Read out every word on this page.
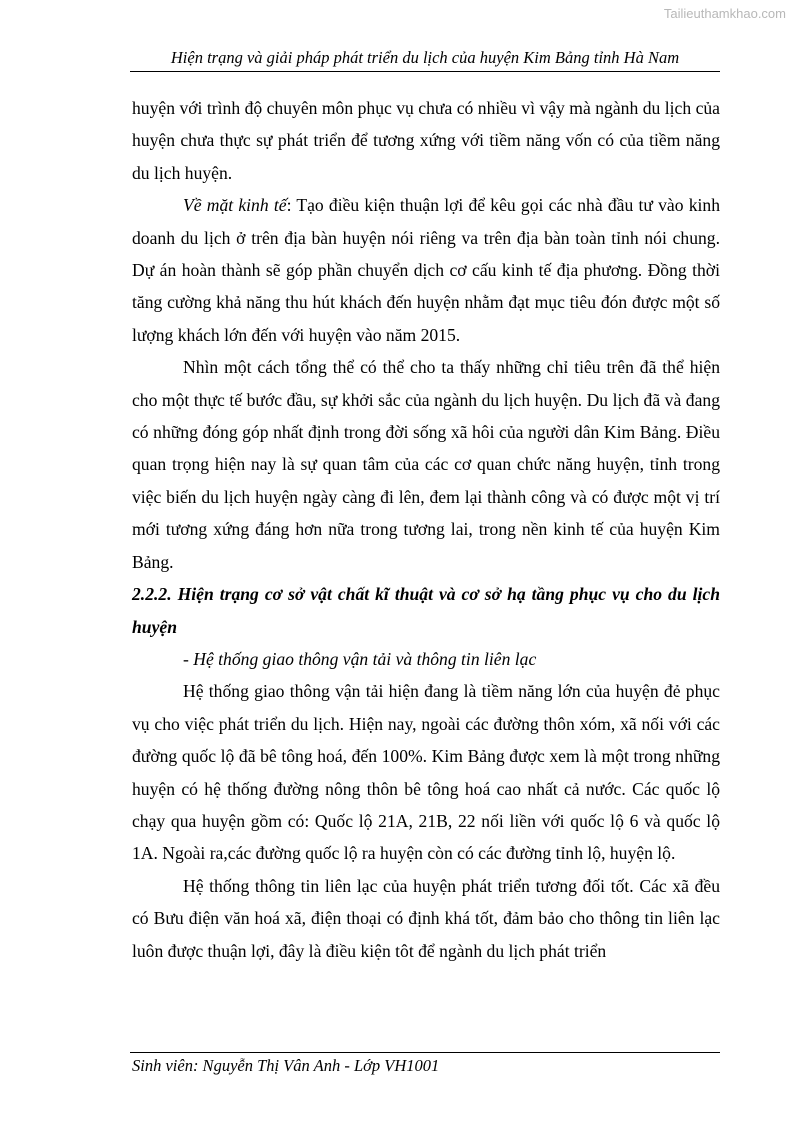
Tailieuthamkhao.com
Hiện trạng và giải pháp phát triển du lịch của huyện Kim Bảng tỉnh Hà Nam

huyện với trình độ chuyên môn phục vụ chưa có nhiều vì vậy mà ngành du lịch của huyện chưa thực sự phát triển để tương xứng với tiềm năng vốn có của tiềm năng du lịch huyện.

Về mặt kinh tế: Tạo điều kiện thuận lợi để kêu gọi các nhà đầu tư vào kinh doanh du lịch ở trên địa bàn huyện nói riêng va trên địa bàn toàn tỉnh nói chung. Dự án hoàn thành sẽ góp phần chuyển dịch cơ cấu kinh tế địa phương. Đồng thời tăng cường khả năng thu hút khách đến huyện nhằm đạt mục tiêu đón được một số lượng khách lớn đến với huyện vào năm 2015.

Nhìn một cách tổng thể có thể cho ta thấy những chỉ tiêu trên đã thể hiện cho một thực tế bước đầu, sự khởi sắc của ngành du lịch huyện. Du lịch đã và đang có những đóng góp nhất định trong đời sống xã hôi của người dân Kim Bảng. Điều quan trọng hiện nay là sự quan tâm của các cơ quan chức năng huyện, tỉnh trong việc biến du lịch huyện ngày càng đi lên, đem lại thành công và có được một vị trí mới tương xứng đáng hơn nữa trong tương lai, trong nền kinh tế của huyện Kim Bảng.

2.2.2. Hiện trạng cơ sở vật chất kĩ thuật và cơ sở hạ tầng phục vụ cho du lịch huyện

- Hệ thống giao thông vận tải và thông tin liên lạc

Hệ thống giao thông vận tải hiện đang là tiềm năng lớn của huyện đẻ phục vụ cho việc phát triển du lịch. Hiện nay, ngoài các đường thôn xóm, xã nối với các đường quốc lộ đã bê tông hoá, đến 100%. Kim Bảng được xem là một trong những huyện có hệ thống đường nông thôn bê tông hoá cao nhất cả nước. Các quốc lộ chạy qua huyện gồm có: Quốc lộ 21A, 21B, 22 nối liền với quốc lộ 6 và quốc lộ 1A. Ngoài ra,các đường quốc lộ ra huyện còn có các đường tỉnh lộ, huyện lộ.

Hệ thống thông tin liên lạc của huyện phát triển tương đối tốt. Các xã đều có Bưu điện văn hoá xã, điện thoại có định khá tốt, đảm bảo cho thông tin liên lạc luôn được thuận lợi, đây là điều kiện tôt để ngành du lịch phát triển

Sinh viên: Nguyễn Thị Vân Anh - Lớp VH1001
